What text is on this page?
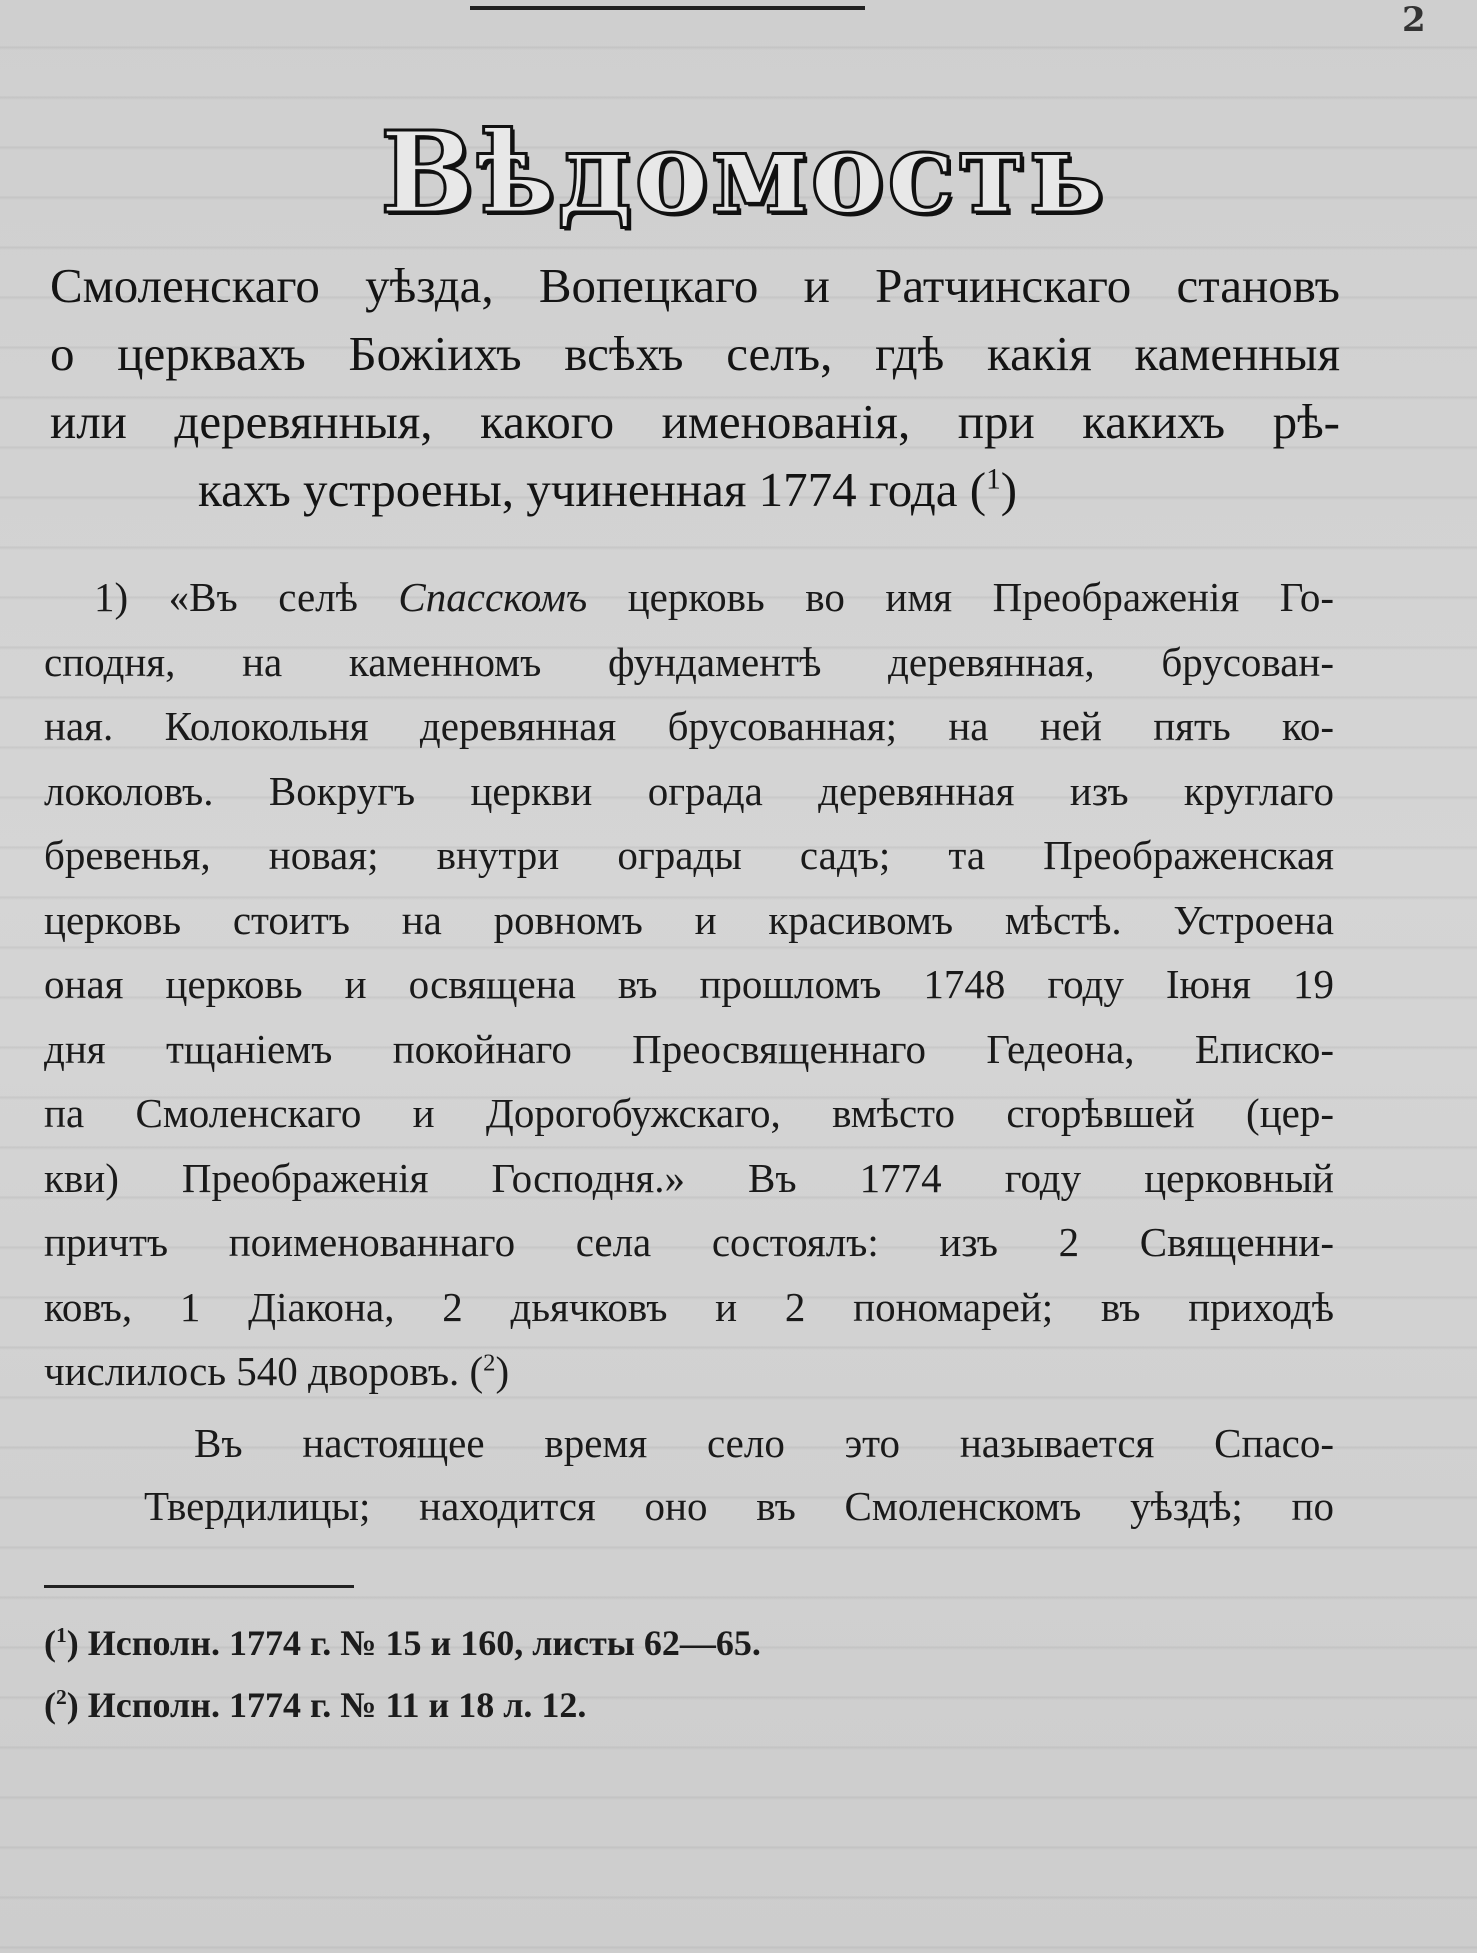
2
Вѣдомость
Смоленскаго уѣзда, Вопецкаго и Ратчинскаго становъ
о церквахъ Божіихъ всѣхъ селъ, гдѣ какія каменныя
или деревянныя, какого именованія, при какихъ рѣ-
кахъ устроены, учиненная 1774 года ($^1$)
1) «Въ селѣ Спасскомъ церковь во имя Преображенія Го-
сподня, на каменномъ фундаментѣ деревянная, брусован-
ная. Колокольня деревянная брусованная; на ней пять ко-
локоловъ. Вокругъ церкви ограда деревянная изъ круглаго
бревенья, новая; внутри ограды садъ; та Преображенская
церковь стоитъ на ровномъ и красивомъ мѣстѣ. Устроена
оная церковь и освящена въ прошломъ 1748 году Іюня 19
дня тщаніемъ покойнаго Преосвященнаго Гедеона, Еписко-
па Смоленскаго и Дорогобужскаго, вмѣсто сгорѣвшей (цер-
кви) Преображенія Господня.» Въ 1774 году церковный
причтъ поименованнаго села состоялъ: изъ 2 Священни-
ковъ, 1 Діакона, 2 дьячковъ и 2 пономарей; въ приходѣ
числилось 540 дворовъ. ($^2$)
Въ настоящее время село это называется Спасо-
Твердилицы; находится оно въ Смоленскомъ уѣздѣ; по
($^1$) Исполн. 1774 г. № 15 и 160, листы 62—65.
($^2$) Исполн. 1774 г. № 11 и 18 л. 12.
